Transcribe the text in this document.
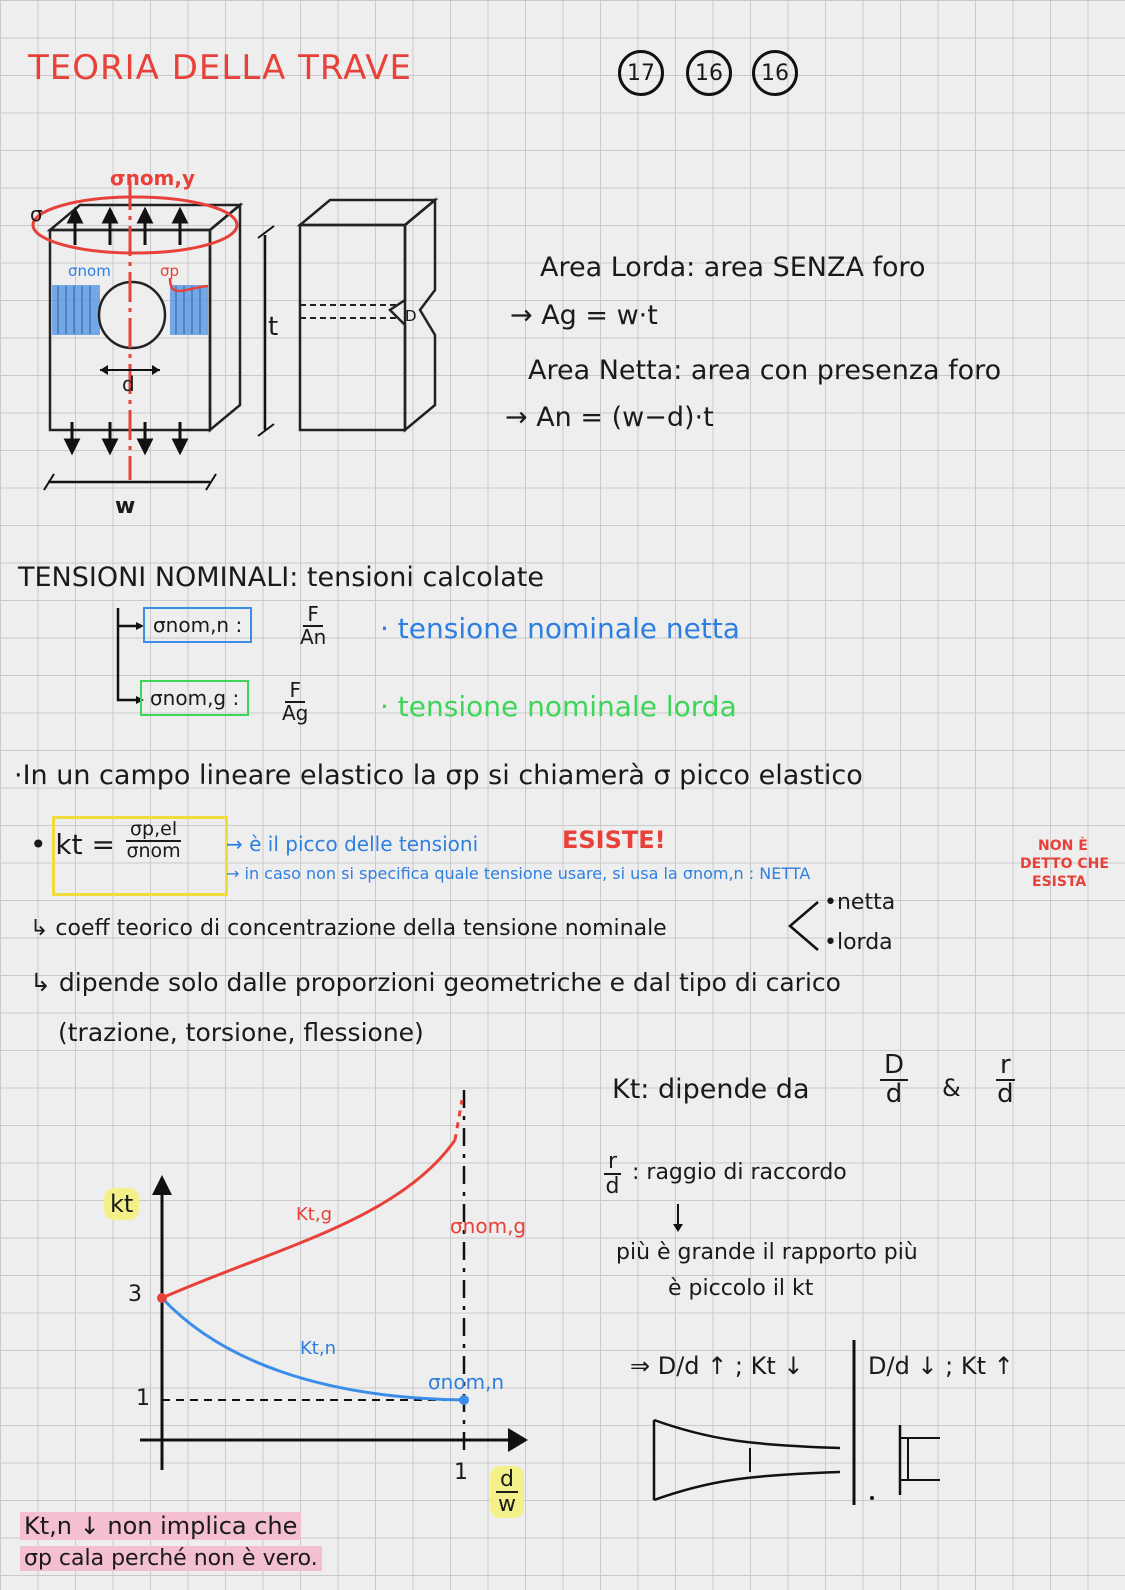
TEORIA DELLA TRAVE	17	16	16
σnom,y
σ
σnom	σp
d
t
w
D
Area Lorda: area SENZA foro
→ Ag = w·t
Area Netta: area con presenza foro
→ An = (w−d)·t
TENSIONI NOMINALI: tensioni calcolate
σnom,n :	$\frac{F}{An}$ · tensione nominale netta
σnom,g :	$\frac{F}{Ag}$	· tensione nominale lorda
·In un campo lineare elastico la σp si chiamerà σ picco elastico
• kt = $\frac{\sigma p,el}{\text{σnom}}$ → è il picco delle tensioni	ESISTE!
→ in caso non si specifica quale tensione usare, si usa la σnom,n : NETTA
NON È
DETTO CHE
ESISTA
↳ coeff teorico di concentrazione della tensione nominale
•netta
•lorda
↳ dipende solo dalle proporzioni geometriche e dal tipo di carico
(trazione, torsione, flessione)
kt
3
1
$1 \frac{d}{w}$
Kt,g
Kt,n
σnom,g
σnom,n
Kt: dipende da	$\frac{D}{d}$ & $\frac{r}{d}$
$\frac{r}{d}$ : raggio di raccordo
più è grande il rapporto più
è piccolo il kt
⇒ D/d ↑ ; Kt ↓	D/d ↓ ; Kt ↑
Kt,n ↓ non implica che
σp cala perché non è vero.
